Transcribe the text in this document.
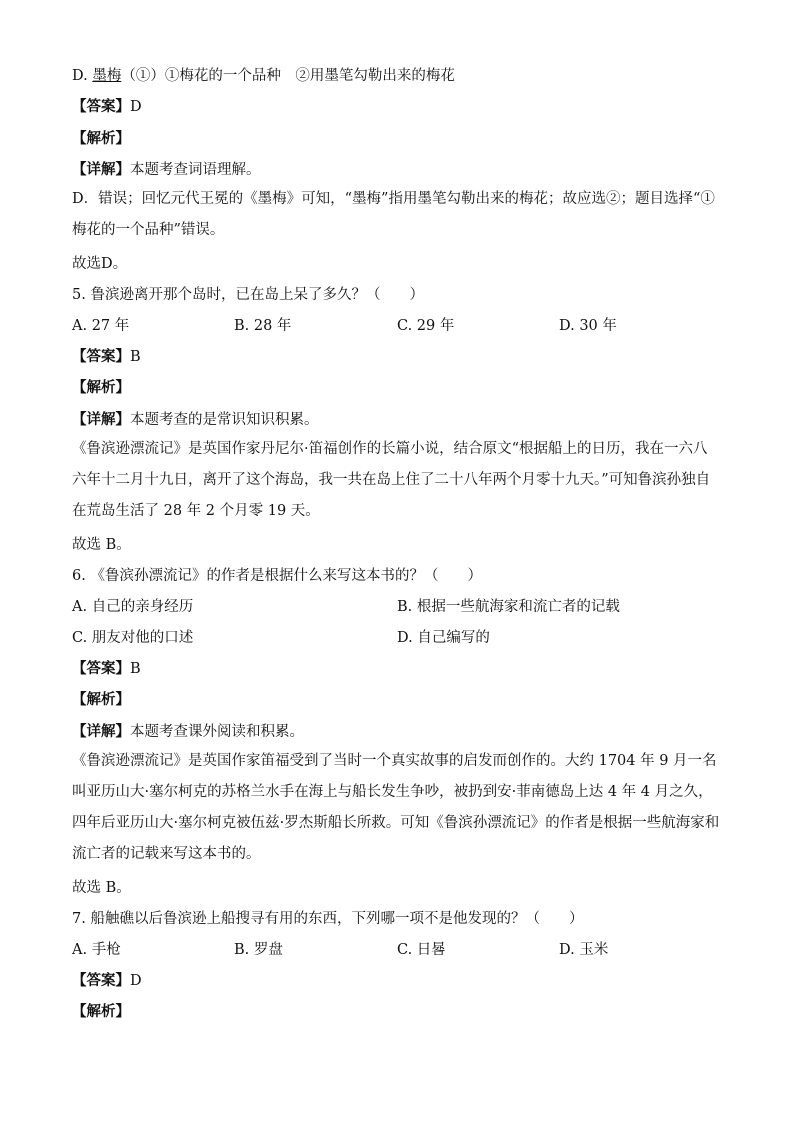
D. 墨梅（①）①梅花的一个品种　②用墨笔勾勒出来的梅花
【答案】D
【解析】
【详解】本题考查词语理解。
D．错误；回忆元代王冕的《墨梅》可知，“墨梅”指用墨笔勾勒出来的梅花；故应选②；题目选择“①梅花的一个品种”错误。
故选D。
5. 鲁滨逊离开那个岛时，已在岛上呆了多久？（　　）
A. 27 年	B. 28 年	C. 29 年	D. 30 年
【答案】B
【解析】
【详解】本题考查的是常识知识积累。
《鲁滨逊漂流记》是英国作家丹尼尔·笛福创作的长篇小说，结合原文“根据船上的日历，我在一六八六年十二月十九日，离开了这个海岛，我一共在岛上住了二十八年两个月零十九天。”可知鲁滨孙独自在荒岛生活了 28 年 2 个月零 19 天。
故选 B。
6. 《鲁滨孙漂流记》的作者是根据什么来写这本书的？（　　）
A. 自己的亲身经历	B. 根据一些航海家和流亡者的记载
C. 朋友对他的口述	D. 自己编写的
【答案】B
【解析】
【详解】本题考查课外阅读和积累。
《鲁滨逊漂流记》是英国作家笛福受到了当时一个真实故事的启发而创作的。大约 1704 年 9 月一名叫亚历山大·塞尔柯克的苏格兰水手在海上与船长发生争吵，被扔到安·菲南德岛上达 4 年 4 月之久，四年后亚历山大·塞尔柯克被伍兹·罗杰斯船长所救。可知《鲁滨孙漂流记》的作者是根据一些航海家和流亡者的记载来写这本书的。
故选 B。
7. 船触礁以后鲁滨逊上船搜寻有用的东西，下列哪一项不是他发现的？（　　）
A. 手枪	B. 罗盘	C. 日晷	D. 玉米
【答案】D
【解析】
